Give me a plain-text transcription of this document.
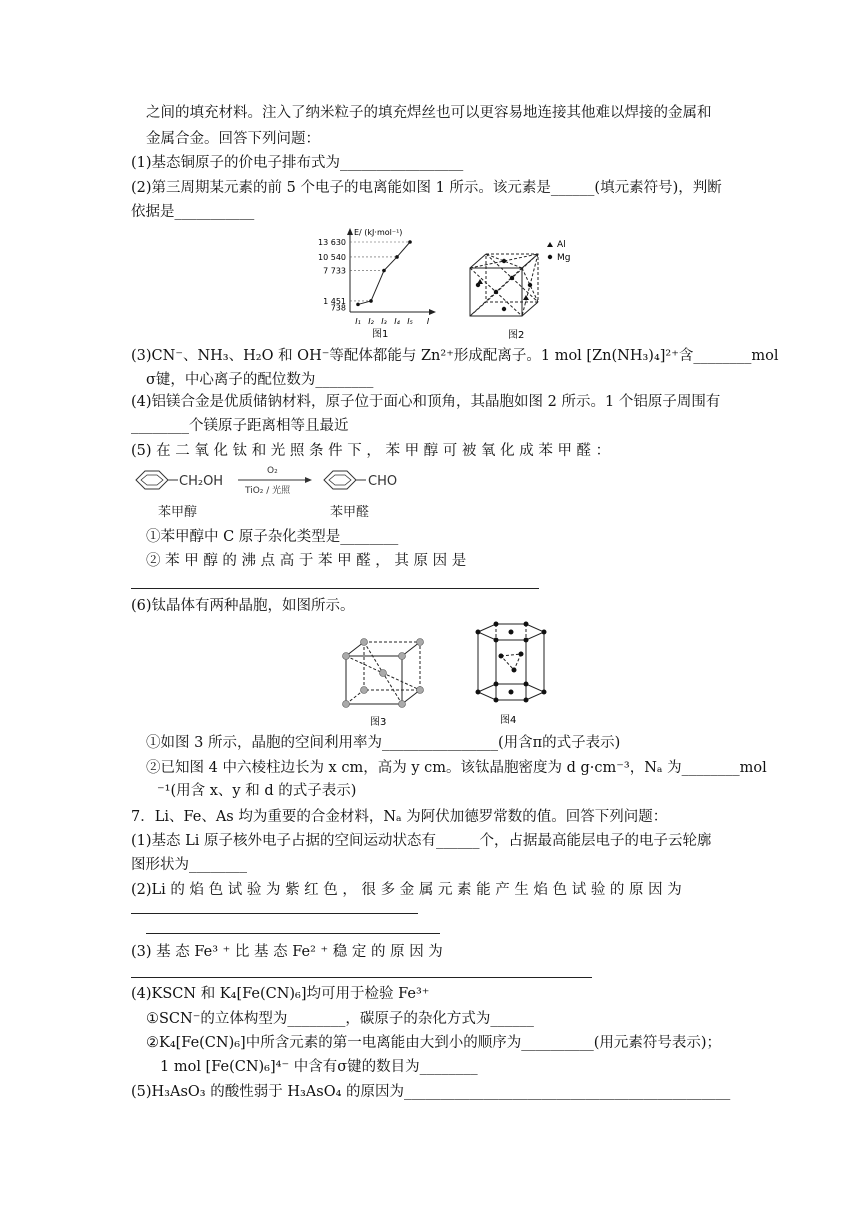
之间的填充材料。注入了纳米粒子的填充焊丝也可以更容易地连接其他难以焊接的金属和
金属合金。回答下列问题：
(1)基态铜原子的价电子排布式为_________________
(2)第三周期某元素的前 5 个电子的电离能如图 1 所示。该元素是______(填元素符号)，判断
依据是___________
E/ (kJ·mol⁻¹)
13 630
10 540
7 733
1 451
738
I₁ I₂ I₃ I₄ I₅ I
图1
Al
Mg
图2
(3)CN⁻、NH₃、H₂O 和 OH⁻等配体都能与 Zn²⁺形成配离子。1 mol [Zn(NH₃)₄]²⁺含________mol
σ键，中心离子的配位数为________
(4)铝镁合金是优质储钠材料，原子位于面心和顶角，其晶胞如图 2 所示。1 个铝原子周围有
________个镁原子距离相等且最近
(5) 在 二 氧 化 钛 和 光 照 条 件 下 ， 苯 甲 醇 可 被 氧 化 成 苯 甲 醛 ：
CH₂OH
O₂
TiO₂ / 光照
CHO
苯甲醇	苯甲醛
①苯甲醇中 C 原子杂化类型是________
② 苯 甲 醇 的 沸 点 高 于 苯 甲 醛 ， 其 原 因 是
(6)钛晶体有两种晶胞，如图所示。
图3	图4
①如图 3 所示，晶胞的空间利用率为________________(用含π的式子表示)
②已知图 4 中六棱柱边长为 x cm，高为 y cm。该钛晶胞密度为 d g·cm⁻³，Nₐ 为________mol
⁻¹(用含 x、y 和 d 的式子表示)
7．Li、Fe、As 均为重要的合金材料，Nₐ 为阿伏加德罗常数的值。回答下列问题：
(1)基态 Li 原子核外电子占据的空间运动状态有______个，占据最高能层电子的电子云轮廓
图形状为________
(2)Li 的 焰 色 试 验 为 紫 红 色 ， 很 多 金 属 元 素 能 产 生 焰 色 试 验 的 原 因 为
(3) 基 态 Fe³ ⁺ 比 基 态 Fe² ⁺ 稳 定 的 原 因 为
(4)KSCN 和 K₄[Fe(CN)₆]均可用于检验 Fe³⁺
①SCN⁻的立体构型为________，碳原子的杂化方式为______
②K₄[Fe(CN)₆]中所含元素的第一电离能由大到小的顺序为__________(用元素符号表示)；
1 mol [Fe(CN)₆]⁴⁻ 中含有σ键的数目为________
(5)H₃AsO₃ 的酸性弱于 H₃AsO₄ 的原因为_____________________________________________
